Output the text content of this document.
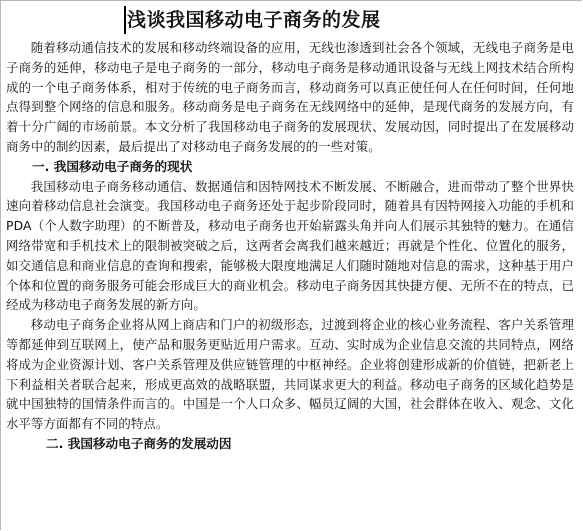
浅谈我国移动电子商务的发展

随着移动通信技术的发展和移动终端设备的应用，无线也渗透到社会各个领域，无线电子商务是电子商务的延伸，移动电子是电子商务的一部分，移动电子商务是移动通讯设备与无线上网技术结合所构成的一个电子商务体系，相对于传统的电子商务而言，移动商务可以真正使任何人在任何时间，任何地点得到整个网络的信息和服务。移动商务是电子商务在无线网络中的延伸，是现代商务的发展方向，有着十分广阔的市场前景。本文分析了我国移动电子商务的发展现状、发展动因，同时提出了在发展移动商务中的制约因素，最后提出了对移动电子商务发展的的一些对策。

一. 我国移动电子商务的现状

我国移动电子商务移动通信、数据通信和因特网技术不断发展、不断融合，进而带动了整个世界快速向着移动信息社会演变。我国移动电子商务还处于起步阶段同时，随着具有因特网接入功能的手机和 PDA（个人数字助理）的不断普及，移动电子商务也开始崭露头角并向人们展示其独特的魅力。在通信网络带宽和手机技术上的限制被突破之后，这两者会离我们越来越近；再就是个性化、位置化的服务，如交通信息和商业信息的查询和搜索，能够极大限度地满足人们随时随地对信息的需求，这种基于用户个体和位置的商务服务可能会形成巨大的商业机会。移动电子商务因其快捷方便、无所不在的特点，已经成为移动电子商务发展的新方向。

移动电子商务企业将从网上商店和门户的初级形态，过渡到将企业的核心业务流程、客户关系管理等都延伸到互联网上，使产品和服务更贴近用户需求。互动、实时成为企业信息交流的共同特点，网络将成为企业资源计划、客户关系管理及供应链管理的中枢神经。企业将创建形成新的价值链，把新老上下利益相关者联合起来，形成更高效的战略联盟，共同谋求更大的利益。移动电子商务的区域化趋势是就中国独特的国情条件而言的。中国是一个人口众多、幅员辽阔的大国，社会群体在收入、观念、文化水平等方面都有不同的特点。

二. 我国移动电子商务的发展动因
